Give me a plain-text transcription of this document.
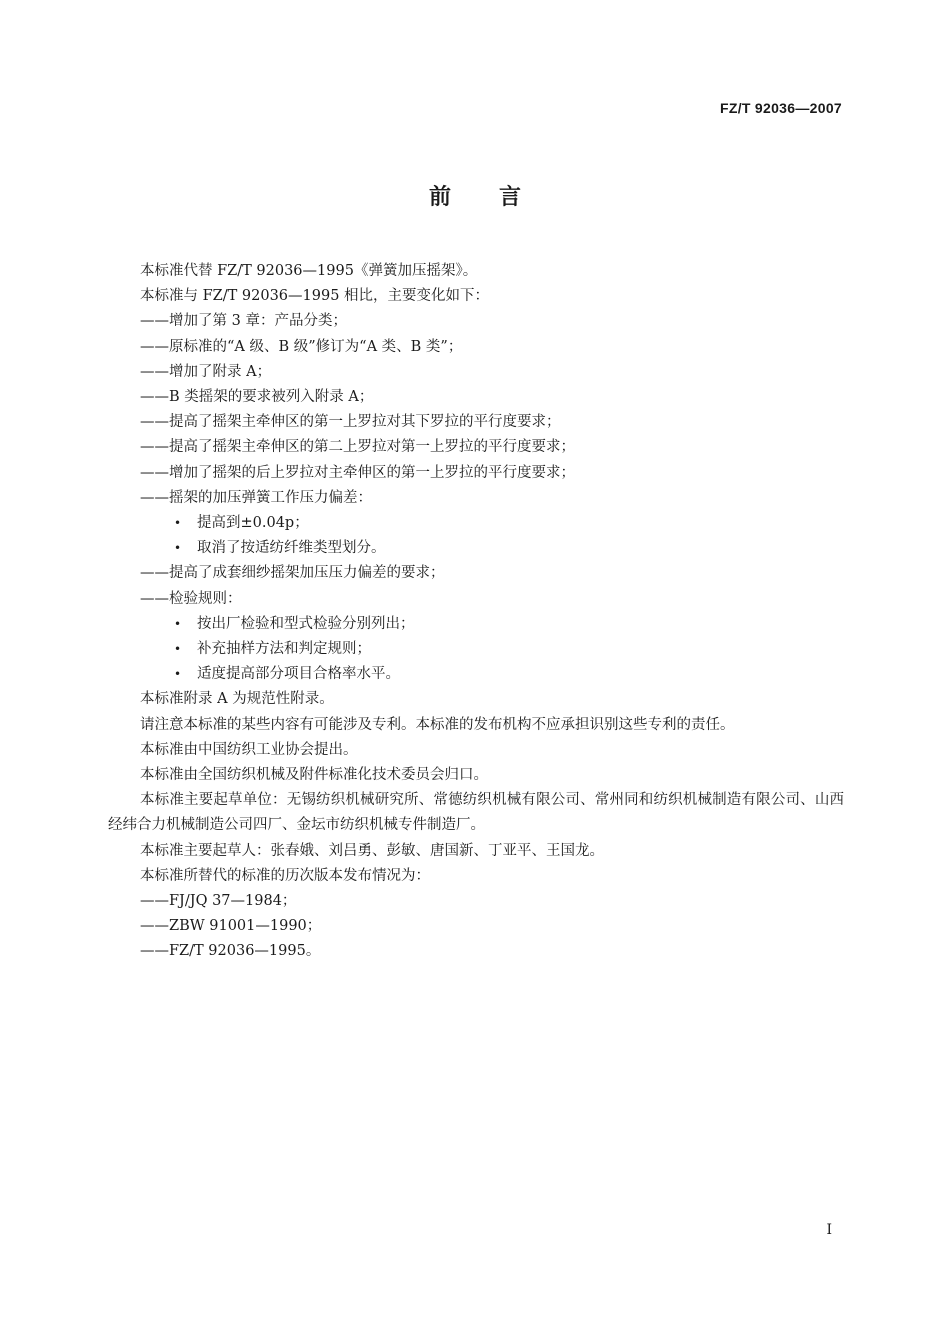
FZ/T 92036—2007
前 言
本标准代替 FZ/T 92036—1995《弹簧加压摇架》。
本标准与 FZ/T 92036—1995 相比，主要变化如下：
——增加了第 3 章：产品分类；
——原标准的“A 级、B 级”修订为“A 类、B 类”；
——增加了附录 A；
——B 类摇架的要求被列入附录 A；
——提高了摇架主牵伸区的第一上罗拉对其下罗拉的平行度要求；
——提高了摇架主牵伸区的第二上罗拉对第一上罗拉的平行度要求；
——增加了摇架的后上罗拉对主牵伸区的第一上罗拉的平行度要求；
——摇架的加压弹簧工作压力偏差：
• 提高到±0.04p；
• 取消了按适纺纤维类型划分。
——提高了成套细纱摇架加压压力偏差的要求；
——检验规则：
• 按出厂检验和型式检验分别列出；
• 补充抽样方法和判定规则；
• 适度提高部分项目合格率水平。
本标准附录 A 为规范性附录。
请注意本标准的某些内容有可能涉及专利。本标准的发布机构不应承担识别这些专利的责任。
本标准由中国纺织工业协会提出。
本标准由全国纺织机械及附件标准化技术委员会归口。
本标准主要起草单位：无锡纺织机械研究所、常德纺织机械有限公司、常州同和纺织机械制造有限公司、山西经纬合力机械制造公司四厂、金坛市纺织机械专件制造厂。
本标准主要起草人：张春娥、刘吕勇、彭敏、唐国新、丁亚平、王国龙。
本标准所替代的标准的历次版本发布情况为：
——FJ/JQ 37—1984；
——ZBW 91001—1990；
——FZ/T 92036—1995。
I
